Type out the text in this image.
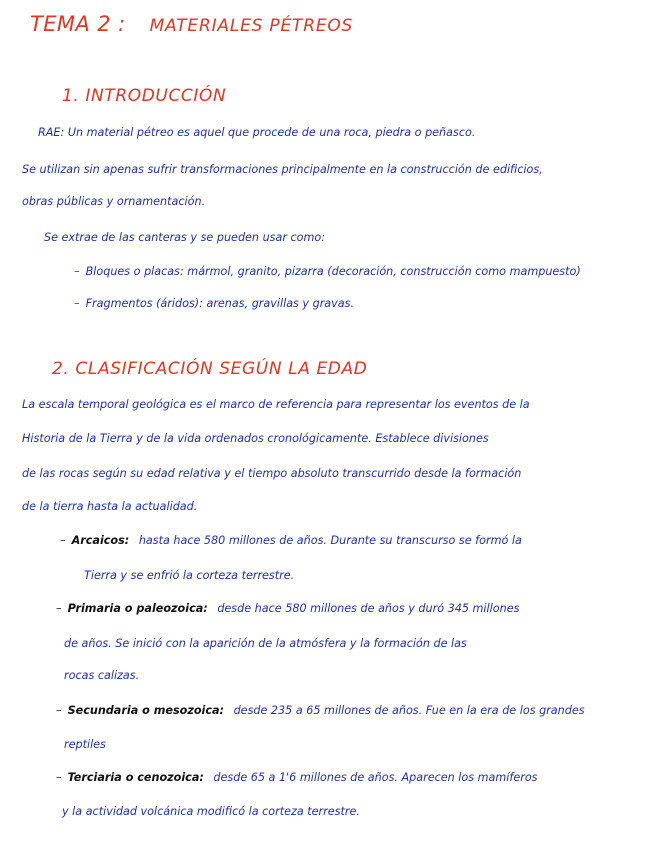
TEMA 2 : MATERIALES PÉTREOS
1. INTRODUCCIÓN
RAE: Un material pétreo es aquel que procede de una roca, piedra o peñasco.
Se utilizan sin apenas sufrir transformaciones principalmente en la construcción de edificios,
obras públicas y ornamentación.
Se extrae de las canteras y se pueden usar como:
– Bloques o placas: mármol, granito, pizarra (decoración, construcción como mampuesto)
– Fragmentos (áridos): arenas, gravillas y gravas.
2. CLASIFICACIÓN SEGÚN LA EDAD
La escala temporal geológica es el marco de referencia para representar los eventos de la
Historia de la Tierra y de la vida ordenados cronológicamente. Establece divisiones
de las rocas según su edad relativa y el tiempo absoluto transcurrido desde la formación
de la tierra hasta la actualidad.
– Arcaicos: hasta hace 580 millones de años. Durante su transcurso se formó la
Tierra y se enfrió la corteza terrestre.
– Primaria o paleozoica: desde hace 580 millones de años y duró 345 millones
de años. Se inició con la aparición de la atmósfera y la formación de las
rocas calizas.
– Secundaria o mesozoica: desde 235 a 65 millones de años. Fue en la era de los grandes
reptiles
– Terciaria o cenozoica: desde 65 a 1'6 millones de años. Aparecen los mamíferos
y la actividad volcánica modificó la corteza terrestre.
